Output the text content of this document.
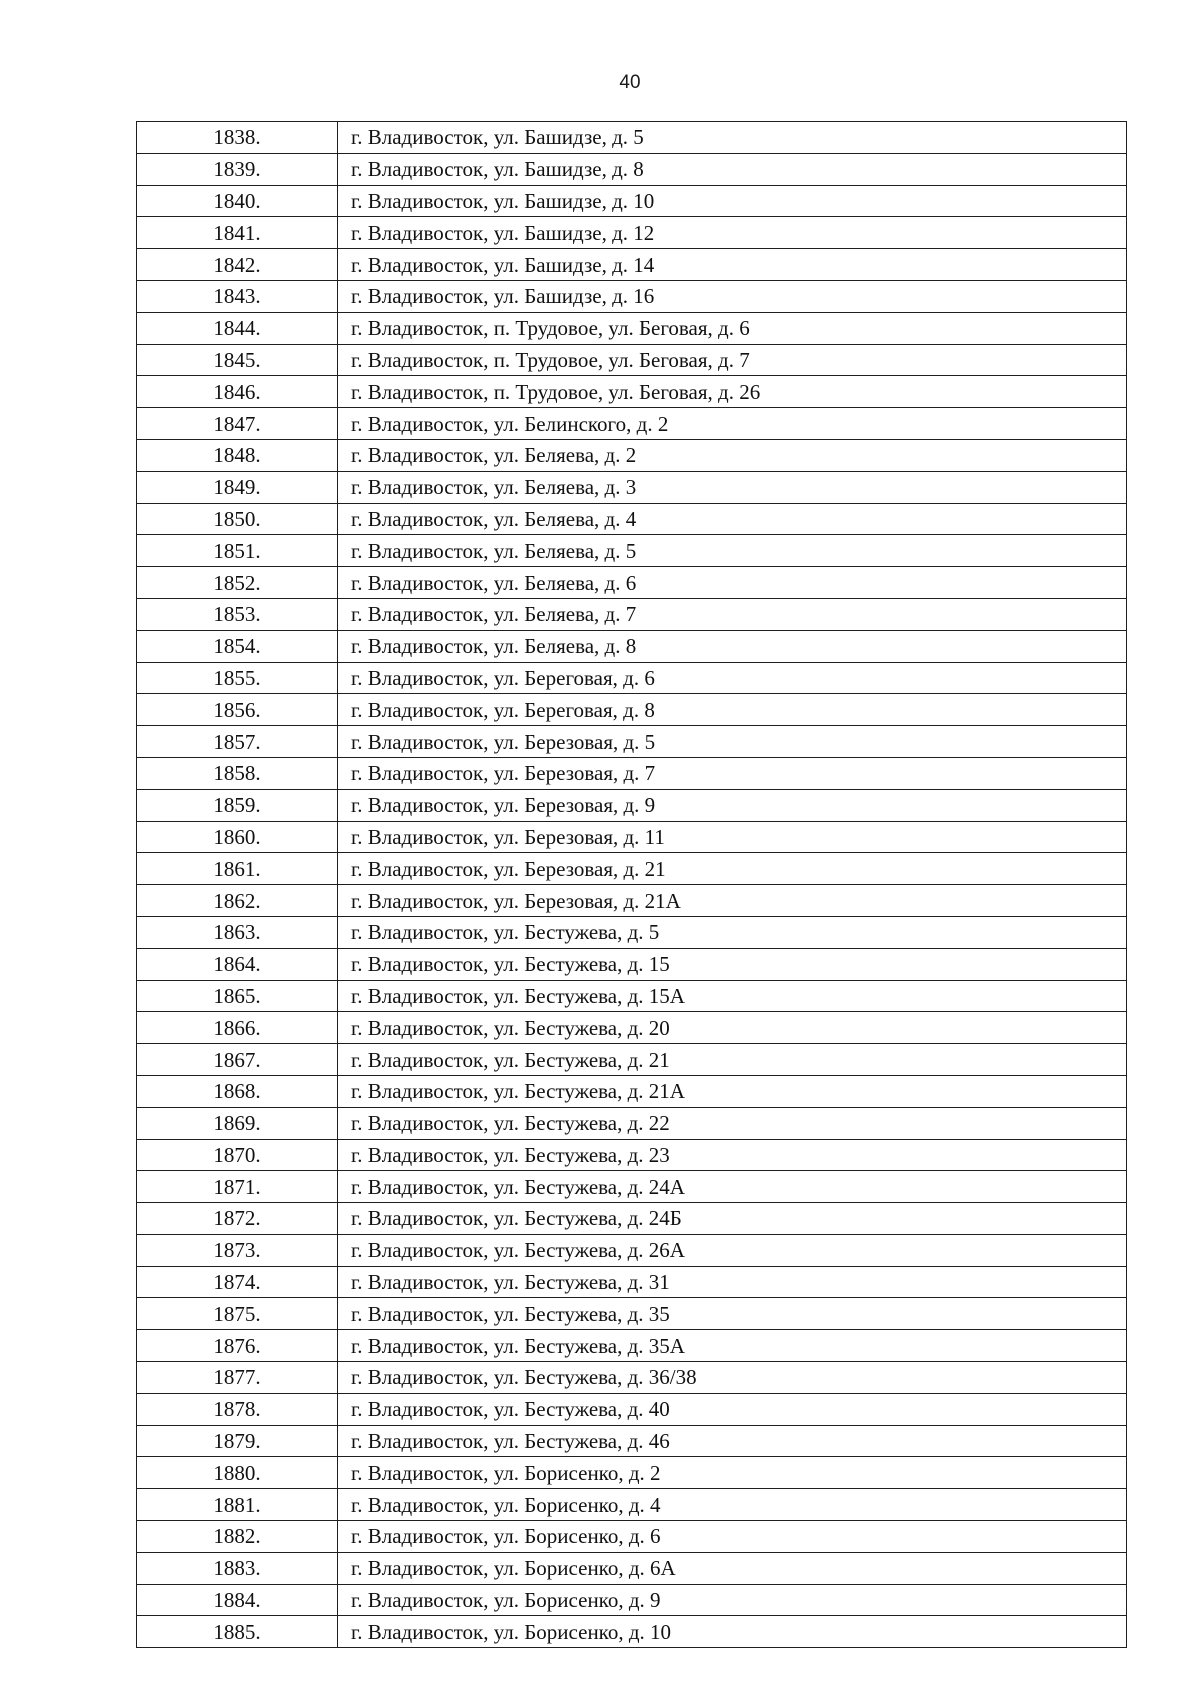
40
1838.	г. Владивосток, ул. Башидзе, д. 5
1839.	г. Владивосток, ул. Башидзе, д. 8
1840.	г. Владивосток, ул. Башидзе, д. 10
1841.	г. Владивосток, ул. Башидзе, д. 12
1842.	г. Владивосток, ул. Башидзе, д. 14
1843.	г. Владивосток, ул. Башидзе, д. 16
1844.	г. Владивосток, п. Трудовое, ул. Беговая, д. 6
1845.	г. Владивосток, п. Трудовое, ул. Беговая, д. 7
1846.	г. Владивосток, п. Трудовое, ул. Беговая, д. 26
1847.	г. Владивосток, ул. Белинского, д. 2
1848.	г. Владивосток, ул. Беляева, д. 2
1849.	г. Владивосток, ул. Беляева, д. 3
1850.	г. Владивосток, ул. Беляева, д. 4
1851.	г. Владивосток, ул. Беляева, д. 5
1852.	г. Владивосток, ул. Беляева, д. 6
1853.	г. Владивосток, ул. Беляева, д. 7
1854.	г. Владивосток, ул. Беляева, д. 8
1855.	г. Владивосток, ул. Береговая, д. 6
1856.	г. Владивосток, ул. Береговая, д. 8
1857.	г. Владивосток, ул. Березовая, д. 5
1858.	г. Владивосток, ул. Березовая, д. 7
1859.	г. Владивосток, ул. Березовая, д. 9
1860.	г. Владивосток, ул. Березовая, д. 11
1861.	г. Владивосток, ул. Березовая, д. 21
1862.	г. Владивосток, ул. Березовая, д. 21А
1863.	г. Владивосток, ул. Бестужева, д. 5
1864.	г. Владивосток, ул. Бестужева, д. 15
1865.	г. Владивосток, ул. Бестужева, д. 15А
1866.	г. Владивосток, ул. Бестужева, д. 20
1867.	г. Владивосток, ул. Бестужева, д. 21
1868.	г. Владивосток, ул. Бестужева, д. 21А
1869.	г. Владивосток, ул. Бестужева, д. 22
1870.	г. Владивосток, ул. Бестужева, д. 23
1871.	г. Владивосток, ул. Бестужева, д. 24А
1872.	г. Владивосток, ул. Бестужева, д. 24Б
1873.	г. Владивосток, ул. Бестужева, д. 26А
1874.	г. Владивосток, ул. Бестужева, д. 31
1875.	г. Владивосток, ул. Бестужева, д. 35
1876.	г. Владивосток, ул. Бестужева, д. 35А
1877.	г. Владивосток, ул. Бестужева, д. 36/38
1878.	г. Владивосток, ул. Бестужева, д. 40
1879.	г. Владивосток, ул. Бестужева, д. 46
1880.	г. Владивосток, ул. Борисенко, д. 2
1881.	г. Владивосток, ул. Борисенко, д. 4
1882.	г. Владивосток, ул. Борисенко, д. 6
1883.	г. Владивосток, ул. Борисенко, д. 6А
1884.	г. Владивосток, ул. Борисенко, д. 9
1885.	г. Владивосток, ул. Борисенко, д. 10
